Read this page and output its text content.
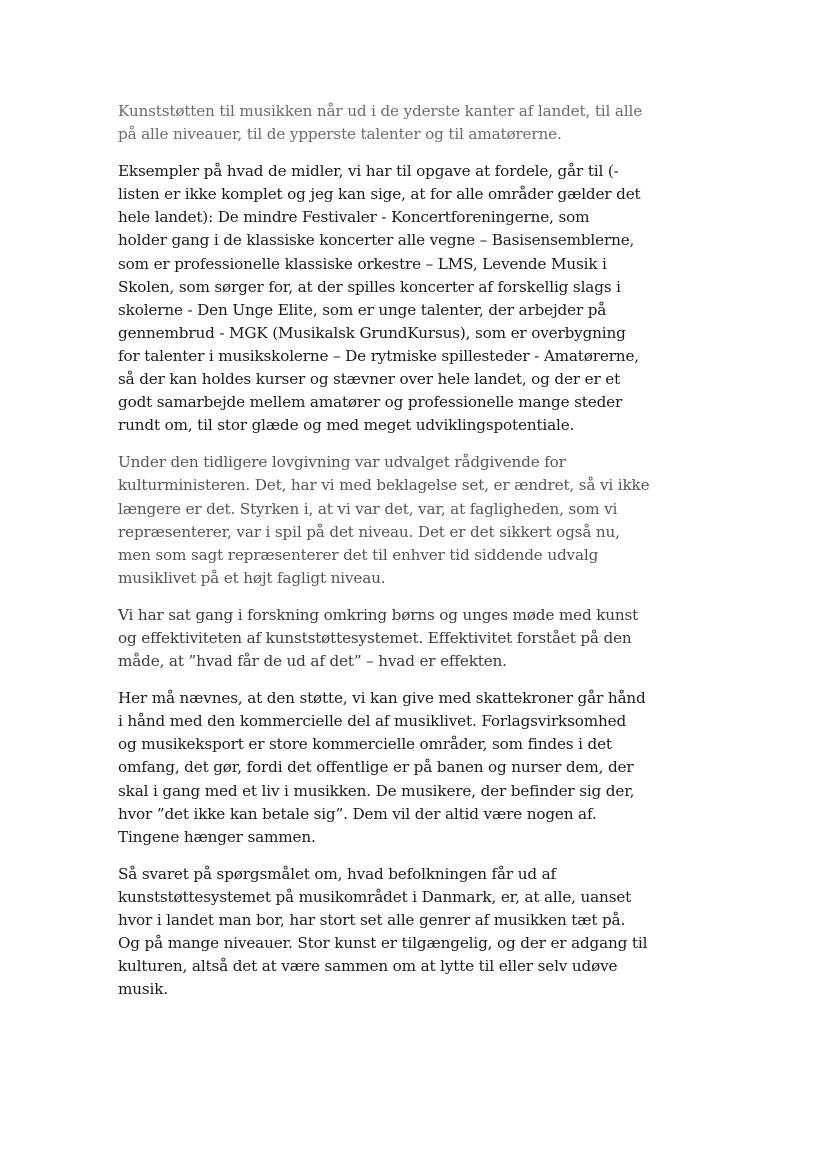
Kunststøtten til musikken når ud i de yderste kanter af landet, til alle
på alle niveauer, til de ypperste talenter og til amatørerne.

Eksempler på hvad de midler, vi har til opgave at fordele, går til (-
listen er ikke komplet og jeg kan sige, at for alle områder gælder det
hele landet): De mindre Festivaler - Koncertforeningerne, som
holder gang i de klassiske koncerter alle vegne – Basisensemblerne,
som er professionelle klassiske orkestre – LMS, Levende Musik i
Skolen, som sørger for, at der spilles koncerter af forskellig slags i
skolerne - Den Unge Elite, som er unge talenter, der arbejder på
gennembrud - MGK (Musikalsk GrundKursus), som er overbygning
for talenter i musikskolerne – De rytmiske spillesteder - Amatørerne,
så der kan holdes kurser og stævner over hele landet, og der er et
godt samarbejde mellem amatører og professionelle mange steder
rundt om, til stor glæde og med meget udviklingspotentiale.

Under den tidligere lovgivning var udvalget rådgivende for
kulturministeren. Det, har vi med beklagelse set, er ændret, så vi ikke
længere er det. Styrken i, at vi var det, var, at fagligheden, som vi
repræsenterer, var i spil på det niveau. Det er det sikkert også nu,
men som sagt repræsenterer det til enhver tid siddende udvalg
musiklivet på et højt fagligt niveau.

Vi har sat gang i forskning omkring børns og unges møde med kunst
og effektiviteten af kunststøttesystemet. Effektivitet forstået på den
måde, at ”hvad får de ud af det” – hvad er effekten.

Her må nævnes, at den støtte, vi kan give med skattekroner går hånd
i hånd med den kommercielle del af musiklivet. Forlagsvirksomhed
og musikeksport er store kommercielle områder, som findes i det
omfang, det gør, fordi det offentlige er på banen og nurser dem, der
skal i gang med et liv i musikken. De musikere, der befinder sig der,
hvor ”det ikke kan betale sig”. Dem vil der altid være nogen af.
Tingene hænger sammen.

Så svaret på spørgsmålet om, hvad befolkningen får ud af
kunststøttesystemet på musikområdet i Danmark, er, at alle, uanset
hvor i landet man bor, har stort set alle genrer af musikken tæt på.
Og på mange niveauer. Stor kunst er tilgængelig, og der er adgang til
kulturen, altså det at være sammen om at lytte til eller selv udøve
musik.
